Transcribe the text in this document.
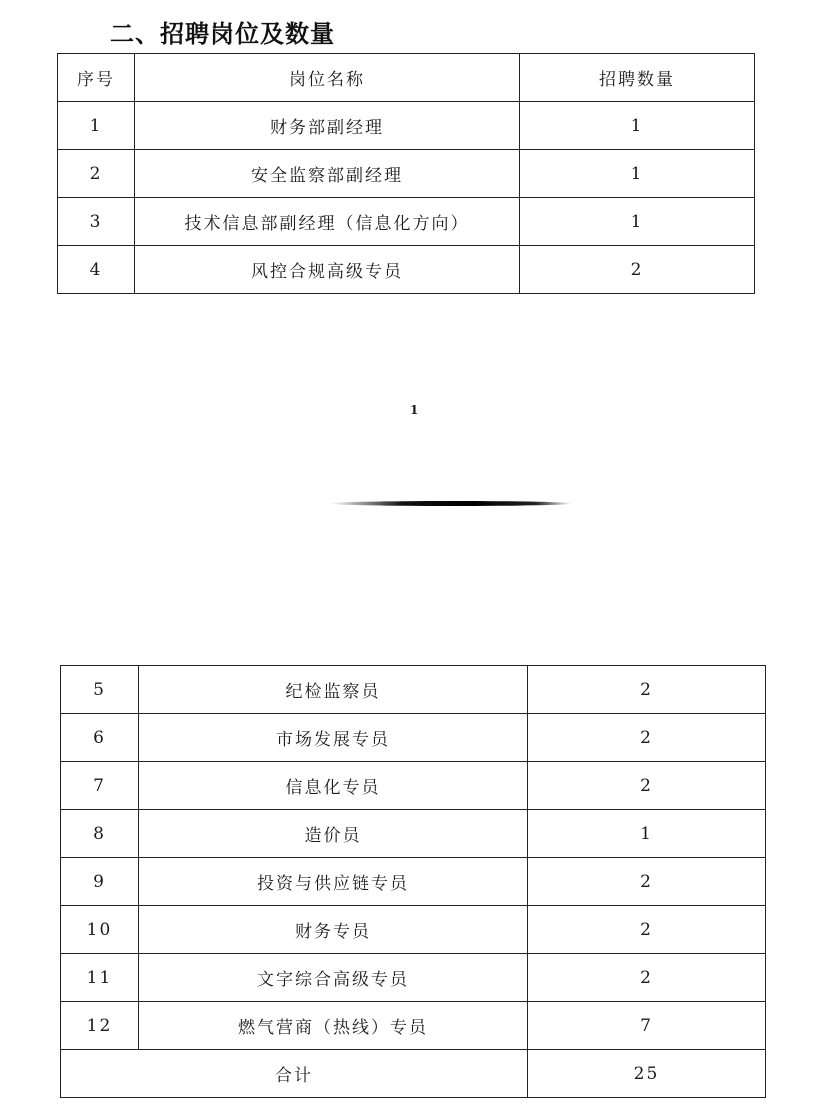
二、招聘岗位及数量
序号	岗位名称	招聘数量
1	财务部副经理	1
2	安全监察部副经理	1
3	技术信息部副经理（信息化方向）	1
4	风控合规高级专员	2
1
5	纪检监察员	2
6	市场发展专员	2
7	信息化专员	2
8	造价员	1
9	投资与供应链专员	2
10	财务专员	2
11	文字综合高级专员	2
12	燃气营商（热线）专员	7
合计		25
